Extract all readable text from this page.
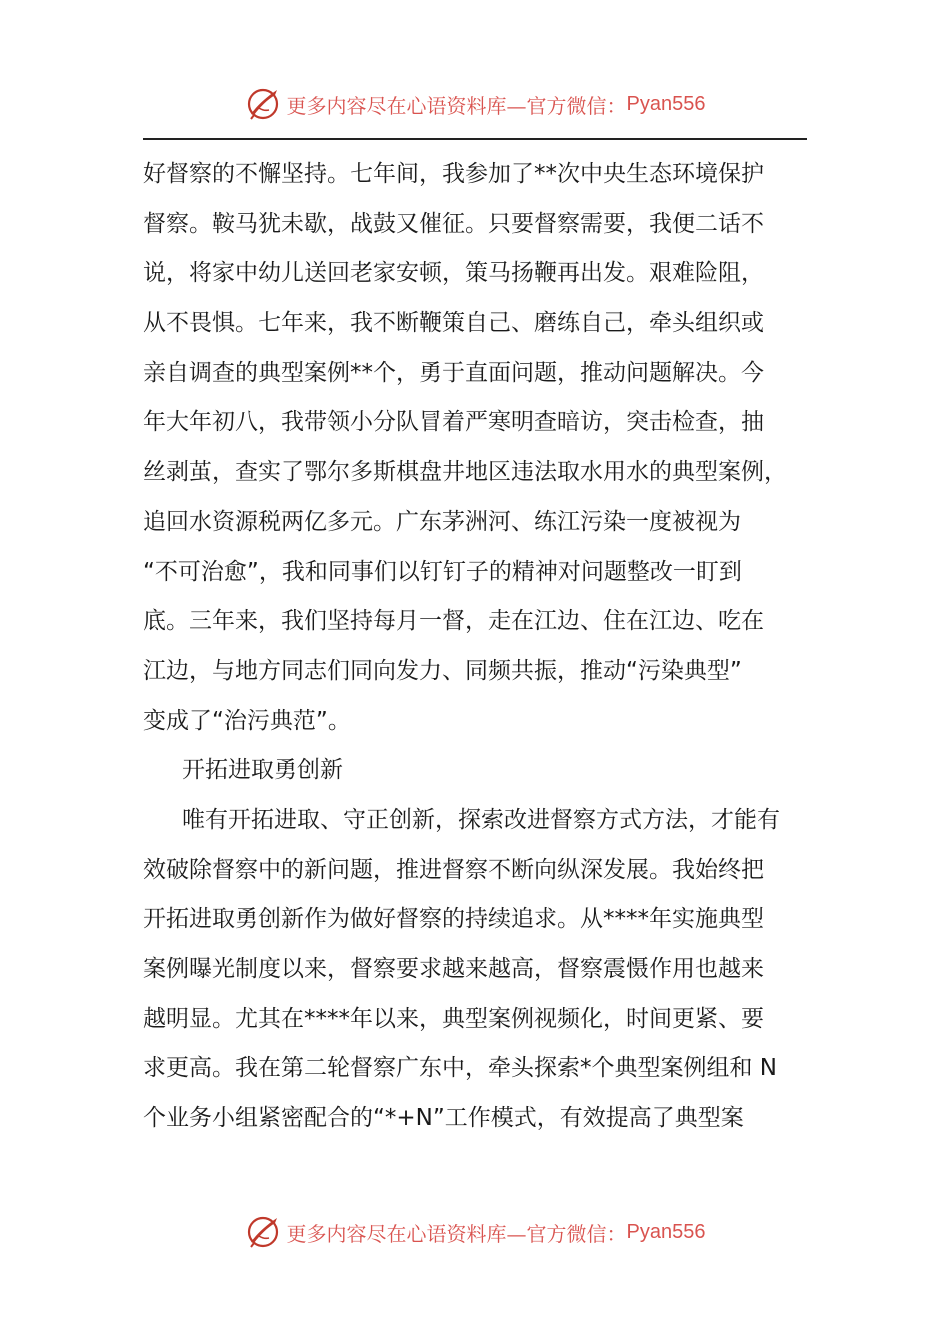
更多内容尽在心语资料库—官方微信： Pyan556
好督察的不懈坚持。七年间，我参加了**次中央生态环境保护
督察。鞍马犹未歇，战鼓又催征。只要督察需要，我便二话不
说，将家中幼儿送回老家安顿，策马扬鞭再出发。艰难险阻，
从不畏惧。七年来，我不断鞭策自己、磨练自己，牵头组织或
亲自调查的典型案例**个，勇于直面问题，推动问题解决。今
年大年初八，我带领小分队冒着严寒明查暗访，突击检查，抽
丝剥茧，查实了鄂尔多斯棋盘井地区违法取水用水的典型案例，
追回水资源税两亿多元。广东茅洲河、练江污染一度被视为
“不可治愈”，我和同事们以钉钉子的精神对问题整改一盯到
底。三年来，我们坚持每月一督，走在江边、住在江边、吃在
江边，与地方同志们同向发力、同频共振，推动“污染典型”
变成了“治污典范”。
开拓进取勇创新
唯有开拓进取、守正创新，探索改进督察方式方法，才能有
效破除督察中的新问题，推进督察不断向纵深发展。我始终把
开拓进取勇创新作为做好督察的持续追求。从****年实施典型
案例曝光制度以来，督察要求越来越高，督察震慑作用也越来
越明显。尤其在****年以来，典型案例视频化，时间更紧、要
求更高。我在第二轮督察广东中，牵头探索*个典型案例组和 N
个业务小组紧密配合的“*+N”工作模式，有效提高了典型案
更多内容尽在心语资料库—官方微信： Pyan556
